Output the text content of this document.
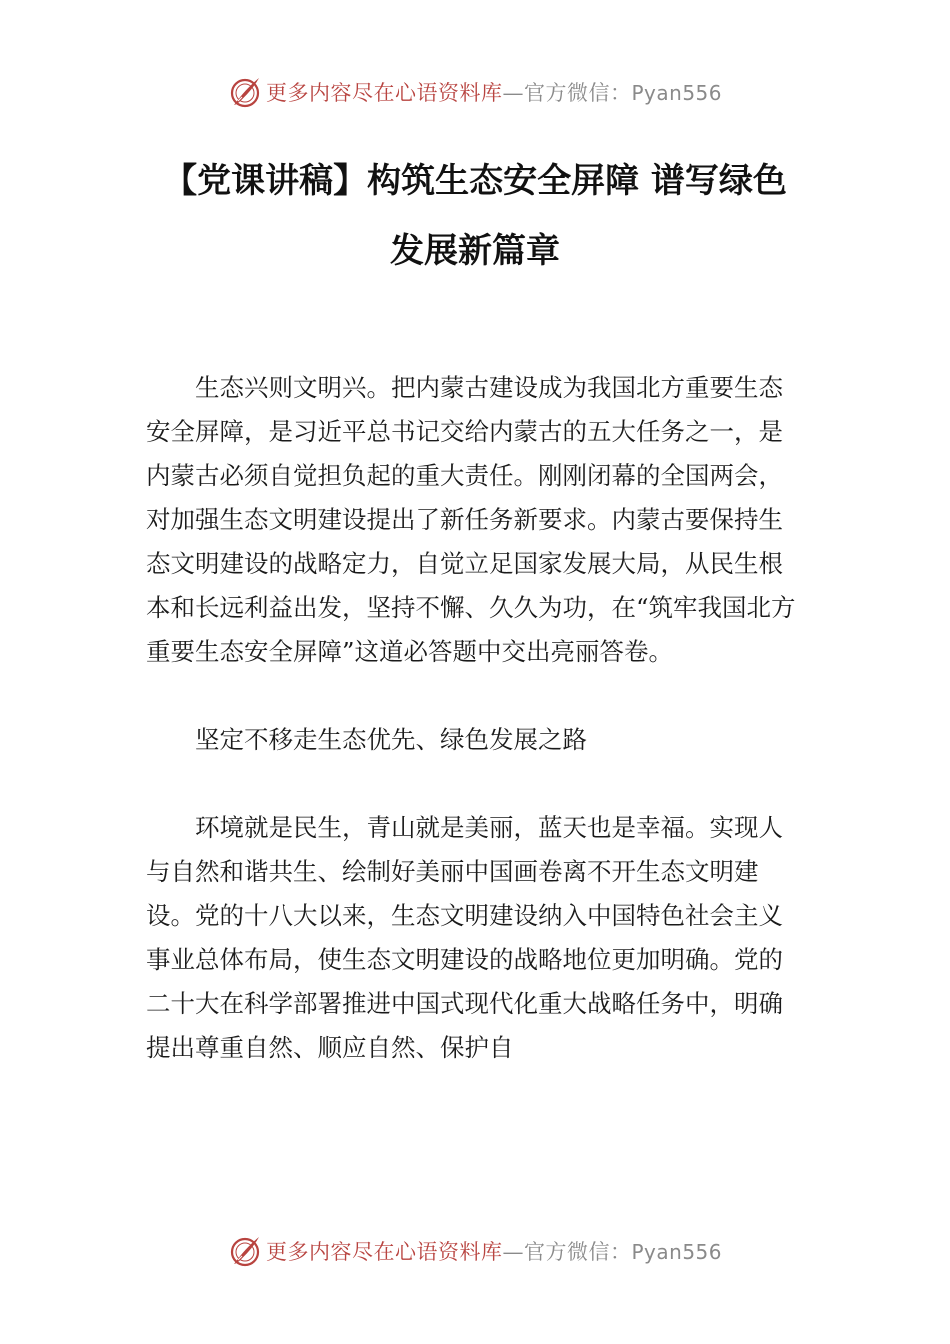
更多内容尽在心语资料库—官方微信：Pyan556
【党课讲稿】构筑生态安全屏障 谱写绿色
发展新篇章

生态兴则文明兴。把内蒙古建设成为我国北方重要生态安全屏障，是习近平总书记交给内蒙古的五大任务之一，是内蒙古必须自觉担负起的重大责任。刚刚闭幕的全国两会，对加强生态文明建设提出了新任务新要求。内蒙古要保持生态文明建设的战略定力，自觉立足国家发展大局，从民生根本和长远利益出发，坚持不懈、久久为功，在“筑牢我国北方重要生态安全屏障”这道必答题中交出亮丽答卷。

坚定不移走生态优先、绿色发展之路

环境就是民生，青山就是美丽，蓝天也是幸福。实现人与自然和谐共生、绘制好美丽中国画卷离不开生态文明建设。党的十八大以来，生态文明建设纳入中国特色社会主义事业总体布局，使生态文明建设的战略地位更加明确。党的二十大在科学部署推进中国式现代化重大战略任务中，明确提出尊重自然、顺应自然、保护自

更多内容尽在心语资料库—官方微信：Pyan556
